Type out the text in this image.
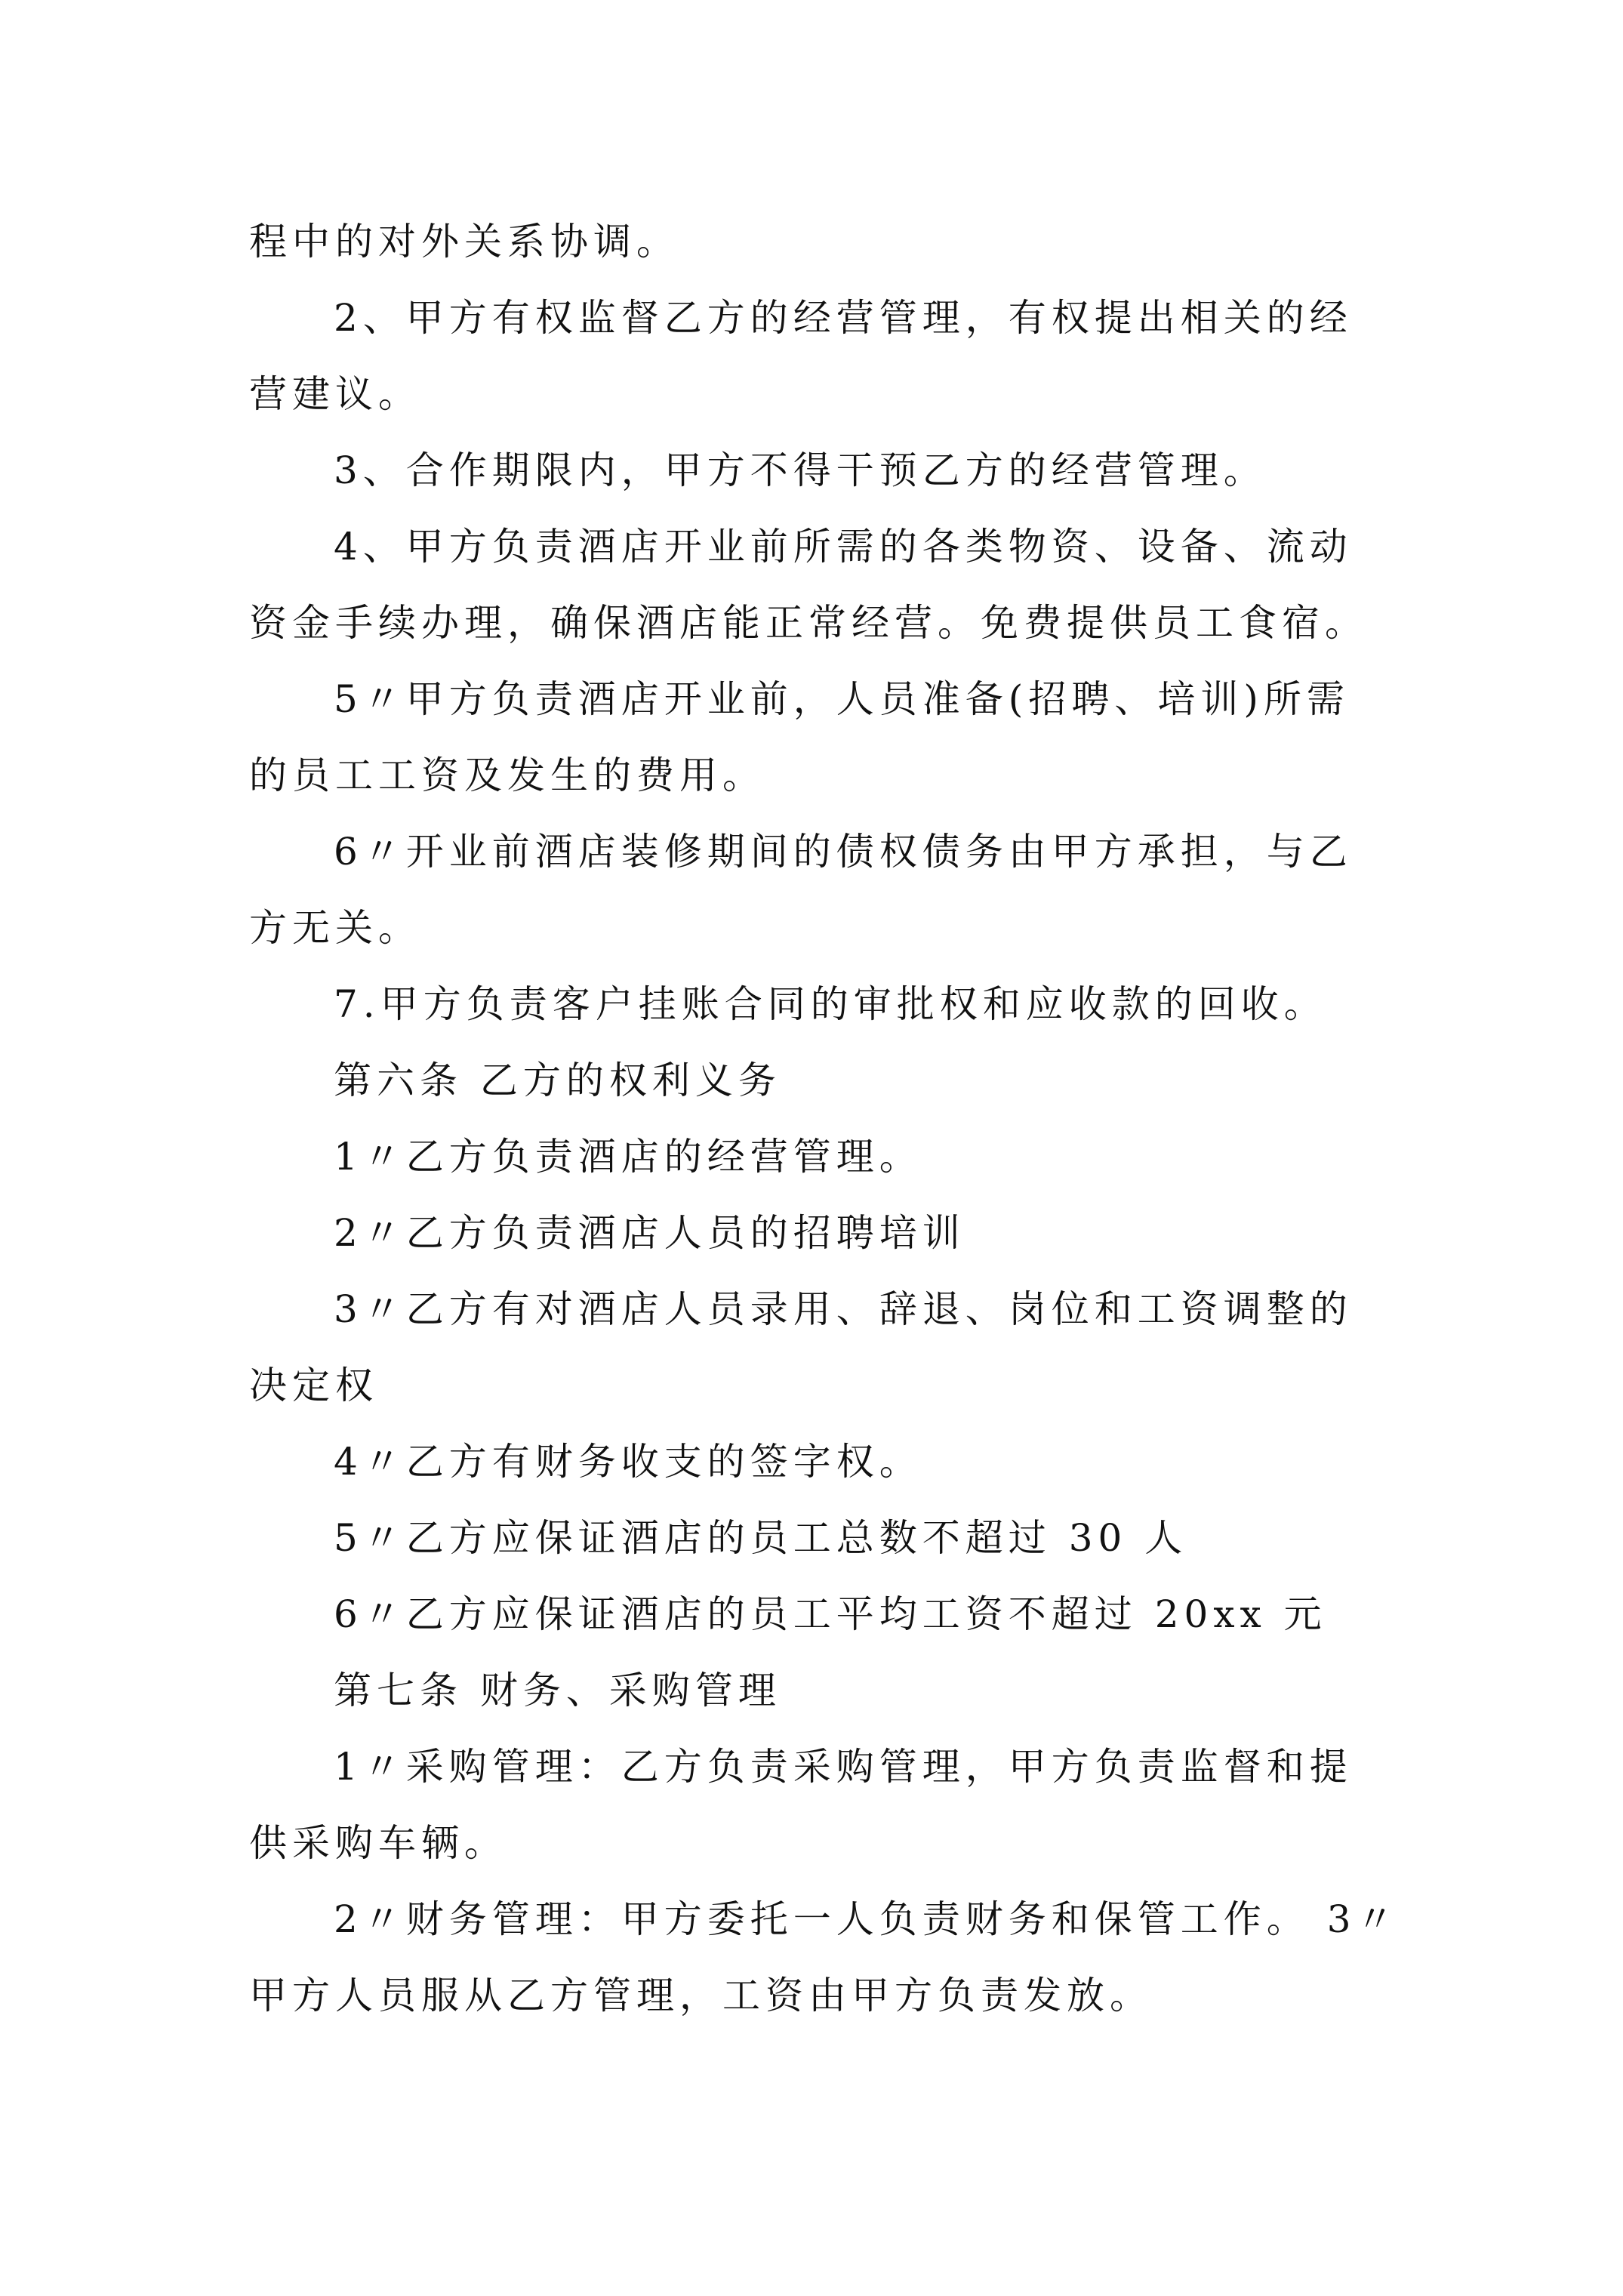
程中的对外关系协调。
2、甲方有权监督乙方的经营管理，有权提出相关的经
营建议。
3、合作期限内，甲方不得干预乙方的经营管理。
4、甲方负责酒店开业前所需的各类物资、设备、流动
资金手续办理，确保酒店能正常经营。免费提供员工食宿。
5〃甲方负责酒店开业前，人员准备(招聘、培训)所需
的员工工资及发生的费用。
6〃开业前酒店装修期间的债权债务由甲方承担，与乙
方无关。
7.甲方负责客户挂账合同的审批权和应收款的回收。
第六条 乙方的权利义务
1〃乙方负责酒店的经营管理。
2〃乙方负责酒店人员的招聘培训
3〃乙方有对酒店人员录用、辞退、岗位和工资调整的
决定权
4〃乙方有财务收支的签字权。
5〃乙方应保证酒店的员工总数不超过 30 人
6〃乙方应保证酒店的员工平均工资不超过 20xx 元
第七条 财务、采购管理
1〃采购管理：乙方负责采购管理，甲方负责监督和提
供采购车辆。
2〃财务管理：甲方委托一人负责财务和保管工作。 3〃
甲方人员服从乙方管理，工资由甲方负责发放。
